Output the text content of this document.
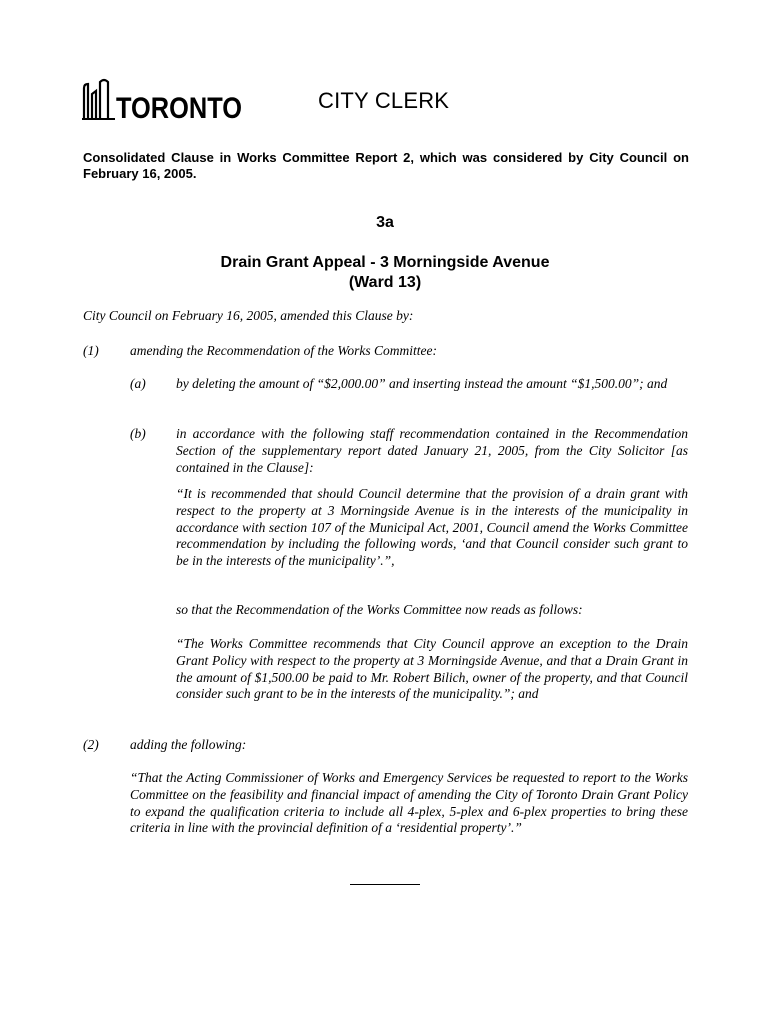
TORONTO	CITY CLERK
Consolidated Clause in Works Committee Report 2, which was considered by City Council on February 16, 2005.
3a
Drain Grant Appeal - 3 Morningside Avenue
(Ward 13)
City Council on February 16, 2005, amended this Clause by:
(1) amending the Recommendation of the Works Committee:
(a) by deleting the amount of “$2,000.00” and inserting instead the amount “$1,500.00”; and
(b) in accordance with the following staff recommendation contained in the Recommendation Section of the supplementary report dated January 21, 2005, from the City Solicitor [as contained in the Clause]:
“It is recommended that should Council determine that the provision of a drain grant with respect to the property at 3 Morningside Avenue is in the interests of the municipality in accordance with section 107 of the Municipal Act, 2001, Council amend the Works Committee recommendation by including the following words, ‘and that Council consider such grant to be in the interests of the municipality’.”,
so that the Recommendation of the Works Committee now reads as follows:
“The Works Committee recommends that City Council approve an exception to the Drain Grant Policy with respect to the property at 3 Morningside Avenue, and that a Drain Grant in the amount of $1,500.00 be paid to Mr. Robert Bilich, owner of the property, and that Council consider such grant to be in the interests of the municipality.”; and
(2) adding the following:
“That the Acting Commissioner of Works and Emergency Services be requested to report to the Works Committee on the feasibility and financial impact of amending the City of Toronto Drain Grant Policy to expand the qualification criteria to include all 4-plex, 5-plex and 6-plex properties to bring these criteria in line with the provincial definition of a ‘residential property’.”
